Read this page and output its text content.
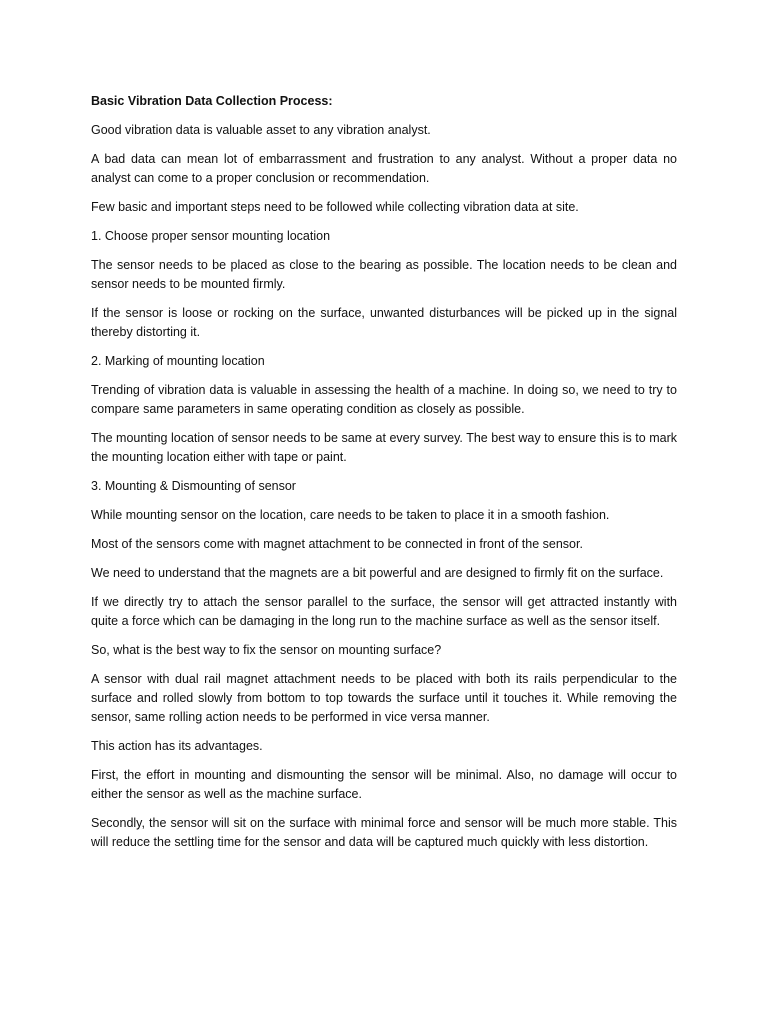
Basic Vibration Data Collection Process:

Good vibration data is valuable asset to any vibration analyst.

A bad data can mean lot of embarrassment and frustration to any analyst. Without a proper data no analyst can come to a proper conclusion or recommendation.

Few basic and important steps need to be followed while collecting vibration data at site.

1. Choose proper sensor mounting location

The sensor needs to be placed as close to the bearing as possible. The location needs to be clean and sensor needs to be mounted firmly.

If the sensor is loose or rocking on the surface, unwanted disturbances will be picked up in the signal thereby distorting it.

2. Marking of mounting location

Trending of vibration data is valuable in assessing the health of a machine. In doing so, we need to try to compare same parameters in same operating condition as closely as possible.

The mounting location of sensor needs to be same at every survey. The best way to ensure this is to mark the mounting location either with tape or paint.

3. Mounting & Dismounting of sensor

While mounting sensor on the location, care needs to be taken to place it in a smooth fashion.

Most of the sensors come with magnet attachment to be connected in front of the sensor.

We need to understand that the magnets are a bit powerful and are designed to firmly fit on the surface.

If we directly try to attach the sensor parallel to the surface, the sensor will get attracted instantly with quite a force which can be damaging in the long run to the machine surface as well as the sensor itself.

So, what is the best way to fix the sensor on mounting surface?

A sensor with dual rail magnet attachment needs to be placed with both its rails perpendicular to the surface and rolled slowly from bottom to top towards the surface until it touches it. While removing the sensor, same rolling action needs to be performed in vice versa manner.

This action has its advantages.

First, the effort in mounting and dismounting the sensor will be minimal. Also, no damage will occur to either the sensor as well as the machine surface.

Secondly, the sensor will sit on the surface with minimal force and sensor will be much more stable. This will reduce the settling time for the sensor and data will be captured much quickly with less distortion.
